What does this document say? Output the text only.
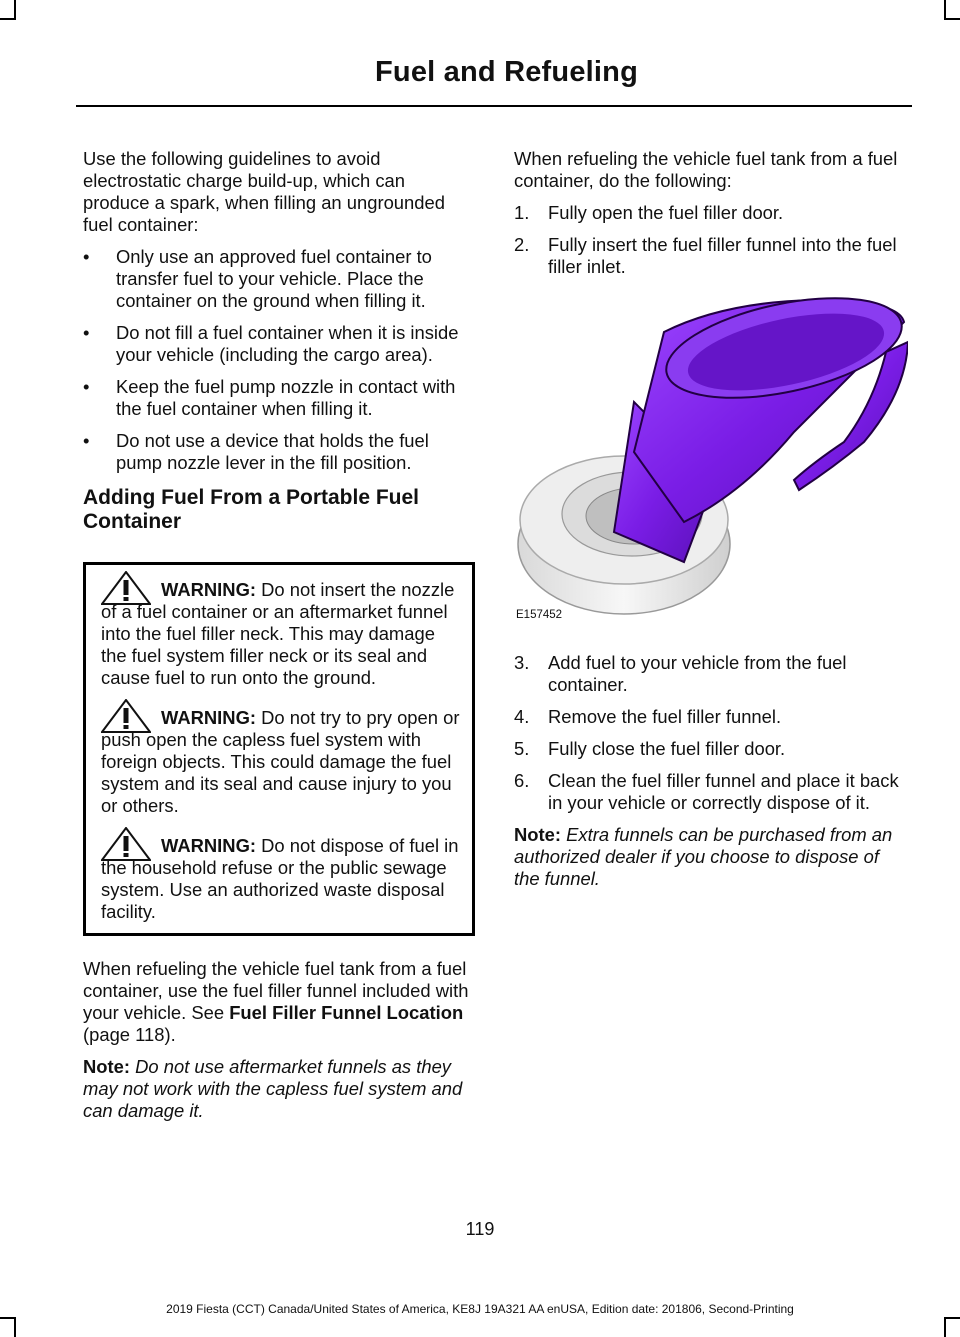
Fuel and Refueling

Use the following guidelines to avoid electrostatic charge build-up, which can produce a spark, when filling an ungrounded fuel container:

• Only use an approved fuel container to transfer fuel to your vehicle. Place the container on the ground when filling it.
• Do not fill a fuel container when it is inside your vehicle (including the cargo area).
• Keep the fuel pump nozzle in contact with the fuel container when filling it.
• Do not use a device that holds the fuel pump nozzle lever in the fill position.
Adding Fuel From a Portable Fuel Container
WARNING: Do not insert the nozzle of a fuel container or an aftermarket funnel into the fuel filler neck. This may damage the fuel system filler neck or its seal and cause fuel to run onto the ground.
WARNING: Do not try to pry open or push open the capless fuel system with foreign objects. This could damage the fuel system and its seal and cause injury to you or others.
WARNING: Do not dispose of fuel in the household refuse or the public sewage system. Use an authorized waste disposal facility.

When refueling the vehicle fuel tank from a fuel container, use the fuel filler funnel included with your vehicle. See Fuel Filler Funnel Location (page 118).

Note: Do not use aftermarket funnels as they may not work with the capless fuel system and can damage it.

When refueling the vehicle fuel tank from a fuel container, do the following:

1. Fully open the fuel filler door.
2. Fully insert the fuel filler funnel into the fuel filler inlet.
E157452
3. Add fuel to your vehicle from the fuel container.
4. Remove the fuel filler funnel.
5. Fully close the fuel filler door.
6. Clean the fuel filler funnel and place it back in your vehicle or correctly dispose of it.

Note: Extra funnels can be purchased from an authorized dealer if you choose to dispose of the funnel.

119
2019 Fiesta (CCT) Canada/United States of America, KE8J 19A321 AA enUSA, Edition date: 201806, Second-Printing
